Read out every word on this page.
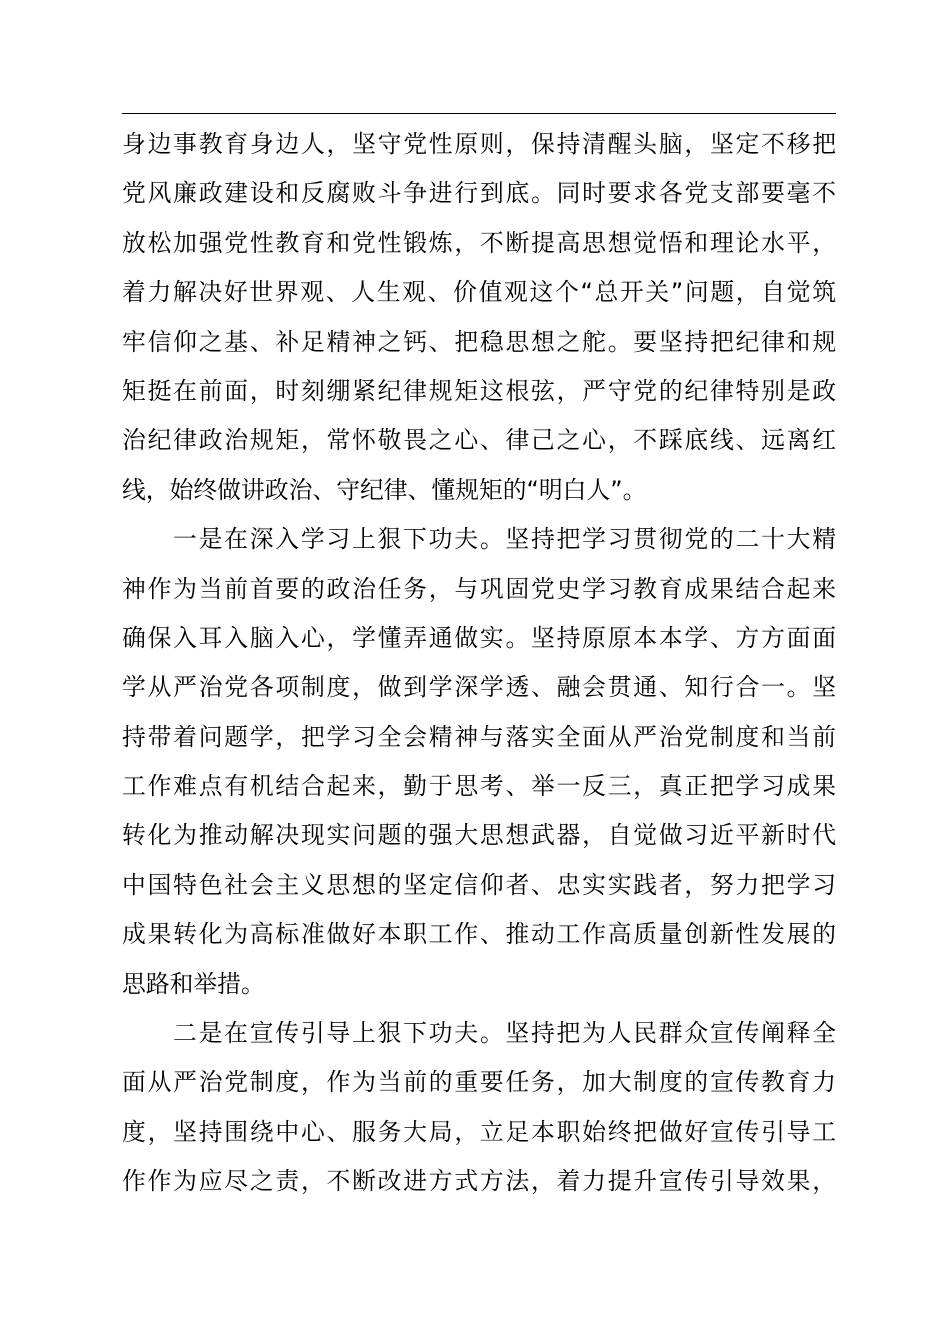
身边事教育身边人，坚守党性原则，保持清醒头脑，坚定不移把
党风廉政建设和反腐败斗争进行到底。同时要求各党支部要毫不
放松加强党性教育和党性锻炼，不断提高思想觉悟和理论水平，
着力解决好世界观、人生观、价值观这个“总开关”问题，自觉筑
牢信仰之基、补足精神之钙、把稳思想之舵。要坚持把纪律和规
矩挺在前面，时刻绷紧纪律规矩这根弦，严守党的纪律特别是政
治纪律政治规矩，常怀敬畏之心、律己之心，不踩底线、远离红
线，始终做讲政治、守纪律、懂规矩的“明白人”。
一是在深入学习上狠下功夫。坚持把学习贯彻党的二十大精
神作为当前首要的政治任务，与巩固党史学习教育成果结合起来
确保入耳入脑入心，学懂弄通做实。坚持原原本本学、方方面面
学从严治党各项制度，做到学深学透、融会贯通、知行合一。坚
持带着问题学，把学习全会精神与落实全面从严治党制度和当前
工作难点有机结合起来，勤于思考、举一反三，真正把学习成果
转化为推动解决现实问题的强大思想武器，自觉做习近平新时代
中国特色社会主义思想的坚定信仰者、忠实实践者，努力把学习
成果转化为高标准做好本职工作、推动工作高质量创新性发展的
思路和举措。
二是在宣传引导上狠下功夫。坚持把为人民群众宣传阐释全
面从严治党制度，作为当前的重要任务，加大制度的宣传教育力
度，坚持围绕中心、服务大局，立足本职始终把做好宣传引导工
作作为应尽之责，不断改进方式方法，着力提升宣传引导效果，
